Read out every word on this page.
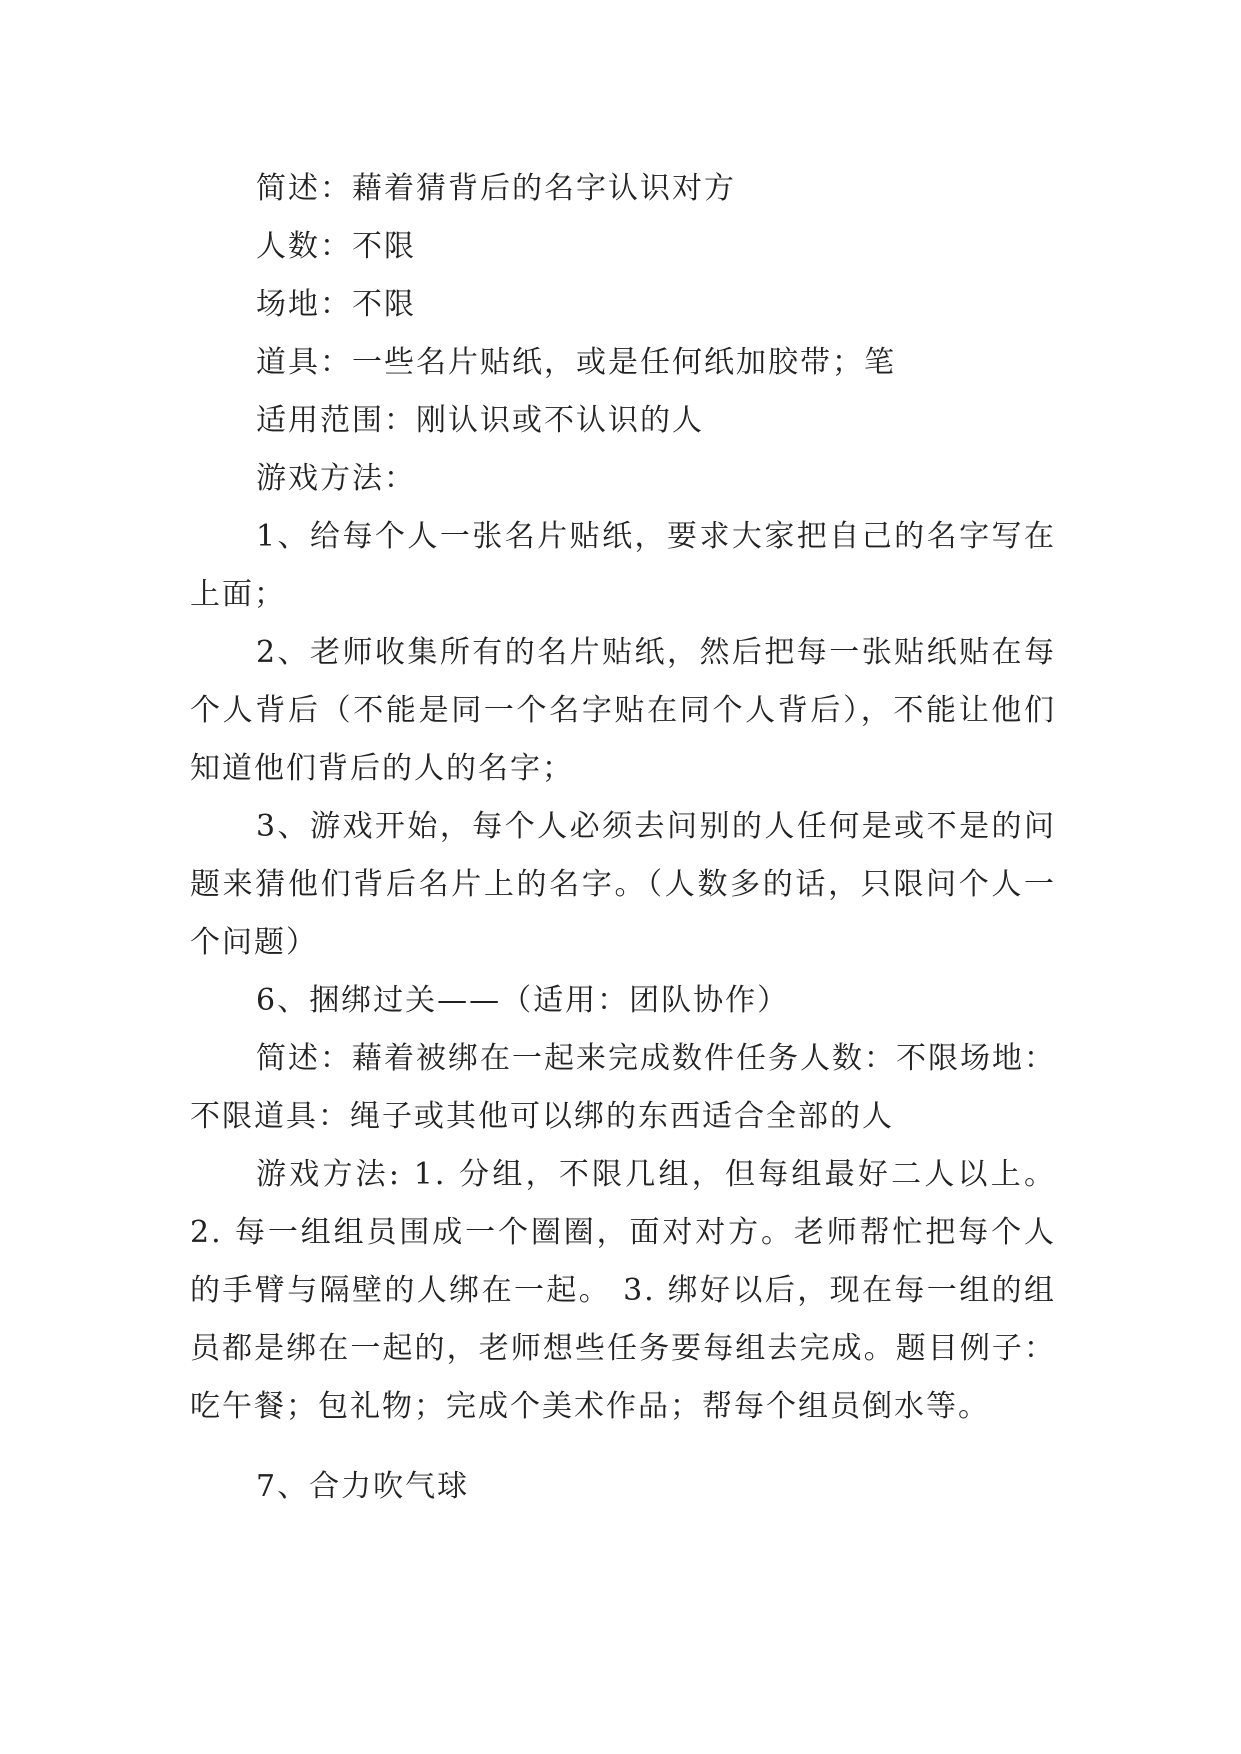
简述：藉着猜背后的名字认识对方

人数：不限

场地：不限

道具：一些名片贴纸，或是任何纸加胶带；笔

适用范围：刚认识或不认识的人

游戏方法：

1、给每个人一张名片贴纸，要求大家把自己的名字写在上面；

2、老师收集所有的名片贴纸，然后把每一张贴纸贴在每个人背后（不能是同一个名字贴在同个人背后），不能让他们知道他们背后的人的名字；

3、游戏开始，每个人必须去问别的人任何是或不是的问题来猜他们背后名片上的名字。（人数多的话，只限问个人一个问题）

6、捆绑过关——（适用：团队协作）

简述：藉着被绑在一起来完成数件任务人数：不限场地：不限道具：绳子或其他可以绑的东西适合全部的人

游戏方法: 1. 分组，不限几组，但每组最好二人以上。 2. 每一组组员围成一个圈圈，面对对方。老师帮忙把每个人的手臂与隔壁的人绑在一起。 3. 绑好以后，现在每一组的组员都是绑在一起的，老师想些任务要每组去完成。题目例子：吃午餐；包礼物；完成个美术作品；帮每个组员倒水等。

7、合力吹气球
